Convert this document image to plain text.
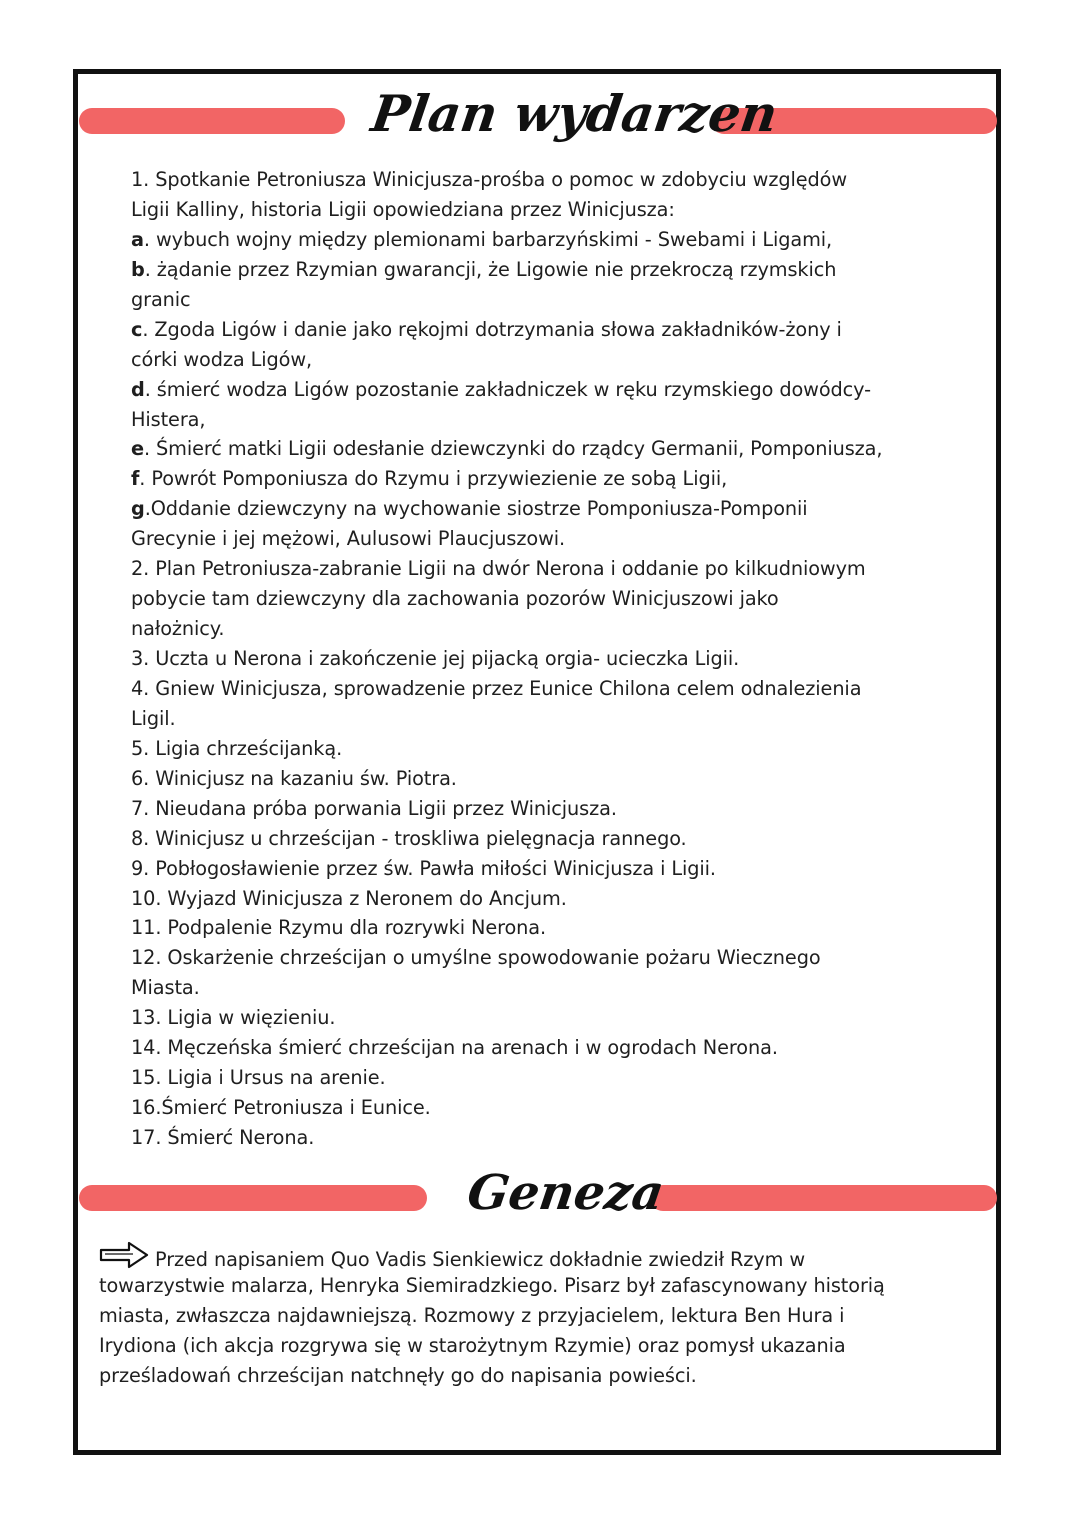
Plan wydarzen
1. Spotkanie Petroniusza Winicjusza-prośba o pomoc w zdobyciu względów
Ligii Kalliny, historia Ligii opowiedziana przez Winicjusza:
a. wybuch wojny między plemionami barbarzyńskimi - Swebami i Ligami,
b. żądanie przez Rzymian gwarancji, że Ligowie nie przekroczą rzymskich
granic
c. Zgoda Ligów i danie jako rękojmi dotrzymania słowa zakładników-żony i
córki wodza Ligów,
d. śmierć wodza Ligów pozostanie zakładniczek w ręku rzymskiego dowódcy-
Histera,
e. Śmierć matki Ligii odesłanie dziewczynki do rządcy Germanii, Pomponiusza,
f. Powrót Pomponiusza do Rzymu i przywiezienie ze sobą Ligii,
g.Oddanie dziewczyny na wychowanie siostrze Pomponiusza-Pomponii
Grecynie i jej mężowi, Aulusowi Plaucjuszowi.
2. Plan Petroniusza-zabranie Ligii na dwór Nerona i oddanie po kilkudniowym
pobycie tam dziewczyny dla zachowania pozorów Winicjuszowi jako
nałożnicy.
3. Uczta u Nerona i zakończenie jej pijacką orgia- ucieczka Ligii.
4. Gniew Winicjusza, sprowadzenie przez Eunice Chilona celem odnalezienia
Ligil.
5. Ligia chrześcijanką.
6. Winicjusz na kazaniu św. Piotra.
7. Nieudana próba porwania Ligii przez Winicjusza.
8. Winicjusz u chrześcijan - troskliwa pielęgnacja rannego.
9. Pobłogosławienie przez św. Pawła miłości Winicjusza i Ligii.
10. Wyjazd Winicjusza z Neronem do Ancjum.
11. Podpalenie Rzymu dla rozrywki Nerona.
12. Oskarżenie chrześcijan o umyślne spowodowanie pożaru Wiecznego
Miasta.
13. Ligia w więzieniu.
14. Męczeńska śmierć chrześcijan na arenach i w ogrodach Nerona.
15. Ligia i Ursus na arenie.
16.Śmierć Petroniusza i Eunice.
17. Śmierć Nerona.
Geneza
Przed napisaniem Quo Vadis Sienkiewicz dokładnie zwiedził Rzym w
towarzystwie malarza, Henryka Siemiradzkiego. Pisarz był zafascynowany historią
miasta, zwłaszcza najdawniejszą. Rozmowy z przyjacielem, lektura Ben Hura i
Irydiona (ich akcja rozgrywa się w starożytnym Rzymie) oraz pomysł ukazania
prześladowań chrześcijan natchnęły go do napisania powieści.
